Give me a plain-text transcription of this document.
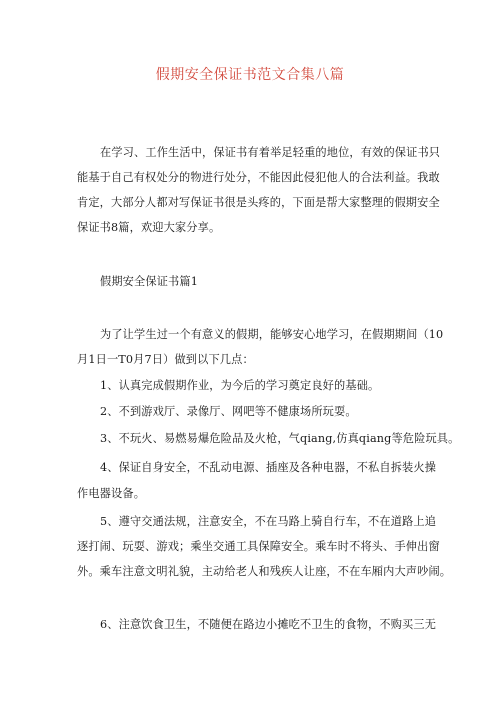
假期安全保证书范文合集八篇
在学习、工作生活中，保证书有着举足轻重的地位，有效的保证书只
能基于自己有权处分的物进行处分，不能因此侵犯他人的合法利益。我敢
肯定，大部分人都对写保证书很是头疼的，下面是帮大家整理的假期安全
保证书8篇，欢迎大家分享。
假期安全保证书篇1
为了让学生过一个有意义的假期，能够安心地学习，在假期期间（10
月1日一T0月7日）做到以下几点：
1、认真完成假期作业，为今后的学习奠定良好的基础。
2、不到游戏厅、录像厅、网吧等不健康场所玩耍。
3、不玩火、易燃易爆危险品及火枪，气qiang,仿真qiang等危险玩具。
4、保证自身安全，不乱动电源、插座及各种电器，不私自拆装火操
作电器设备。
5、遵守交通法规，注意安全，不在马路上骑自行车，不在道路上追
逐打闹、玩耍、游戏；乘坐交通工具保障安全。乘车时不将头、手伸出窗
外。乘车注意文明礼貌，主动给老人和残疾人让座，不在车厢内大声吵闹。
6、注意饮食卫生，不随便在路边小摊吃不卫生的食物，不购买三无
